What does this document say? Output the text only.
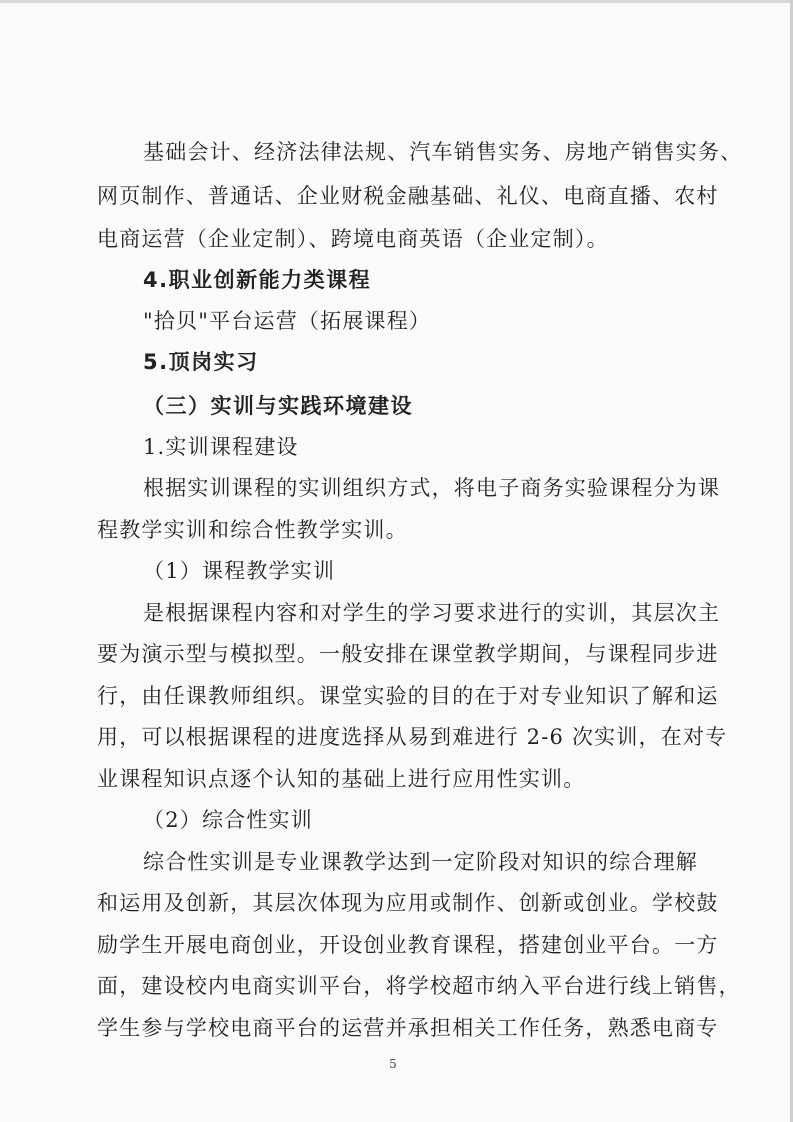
基础会计、经济法律法规、汽车销售实务、房地产销售实务、
网页制作、普通话、企业财税金融基础、礼仪、电商直播、农村
电商运营（企业定制）、跨境电商英语（企业定制）。
4.职业创新能力类课程
"拾贝"平台运营（拓展课程）
5.顶岗实习
（三）实训与实践环境建设
1.实训课程建设
根据实训课程的实训组织方式，将电子商务实验课程分为课
程教学实训和综合性教学实训。
（1）课程教学实训
是根据课程内容和对学生的学习要求进行的实训，其层次主
要为演示型与模拟型。一般安排在课堂教学期间，与课程同步进
行，由任课教师组织。课堂实验的目的在于对专业知识了解和运
用，可以根据课程的进度选择从易到难进行 2-6 次实训，在对专
业课程知识点逐个认知的基础上进行应用性实训。
（2）综合性实训
综合性实训是专业课教学达到一定阶段对知识的综合理解
和运用及创新，其层次体现为应用或制作、创新或创业。学校鼓
励学生开展电商创业，开设创业教育课程，搭建创业平台。一方
面，建设校内电商实训平台，将学校超市纳入平台进行线上销售，
学生参与学校电商平台的运营并承担相关工作任务，熟悉电商专
5
